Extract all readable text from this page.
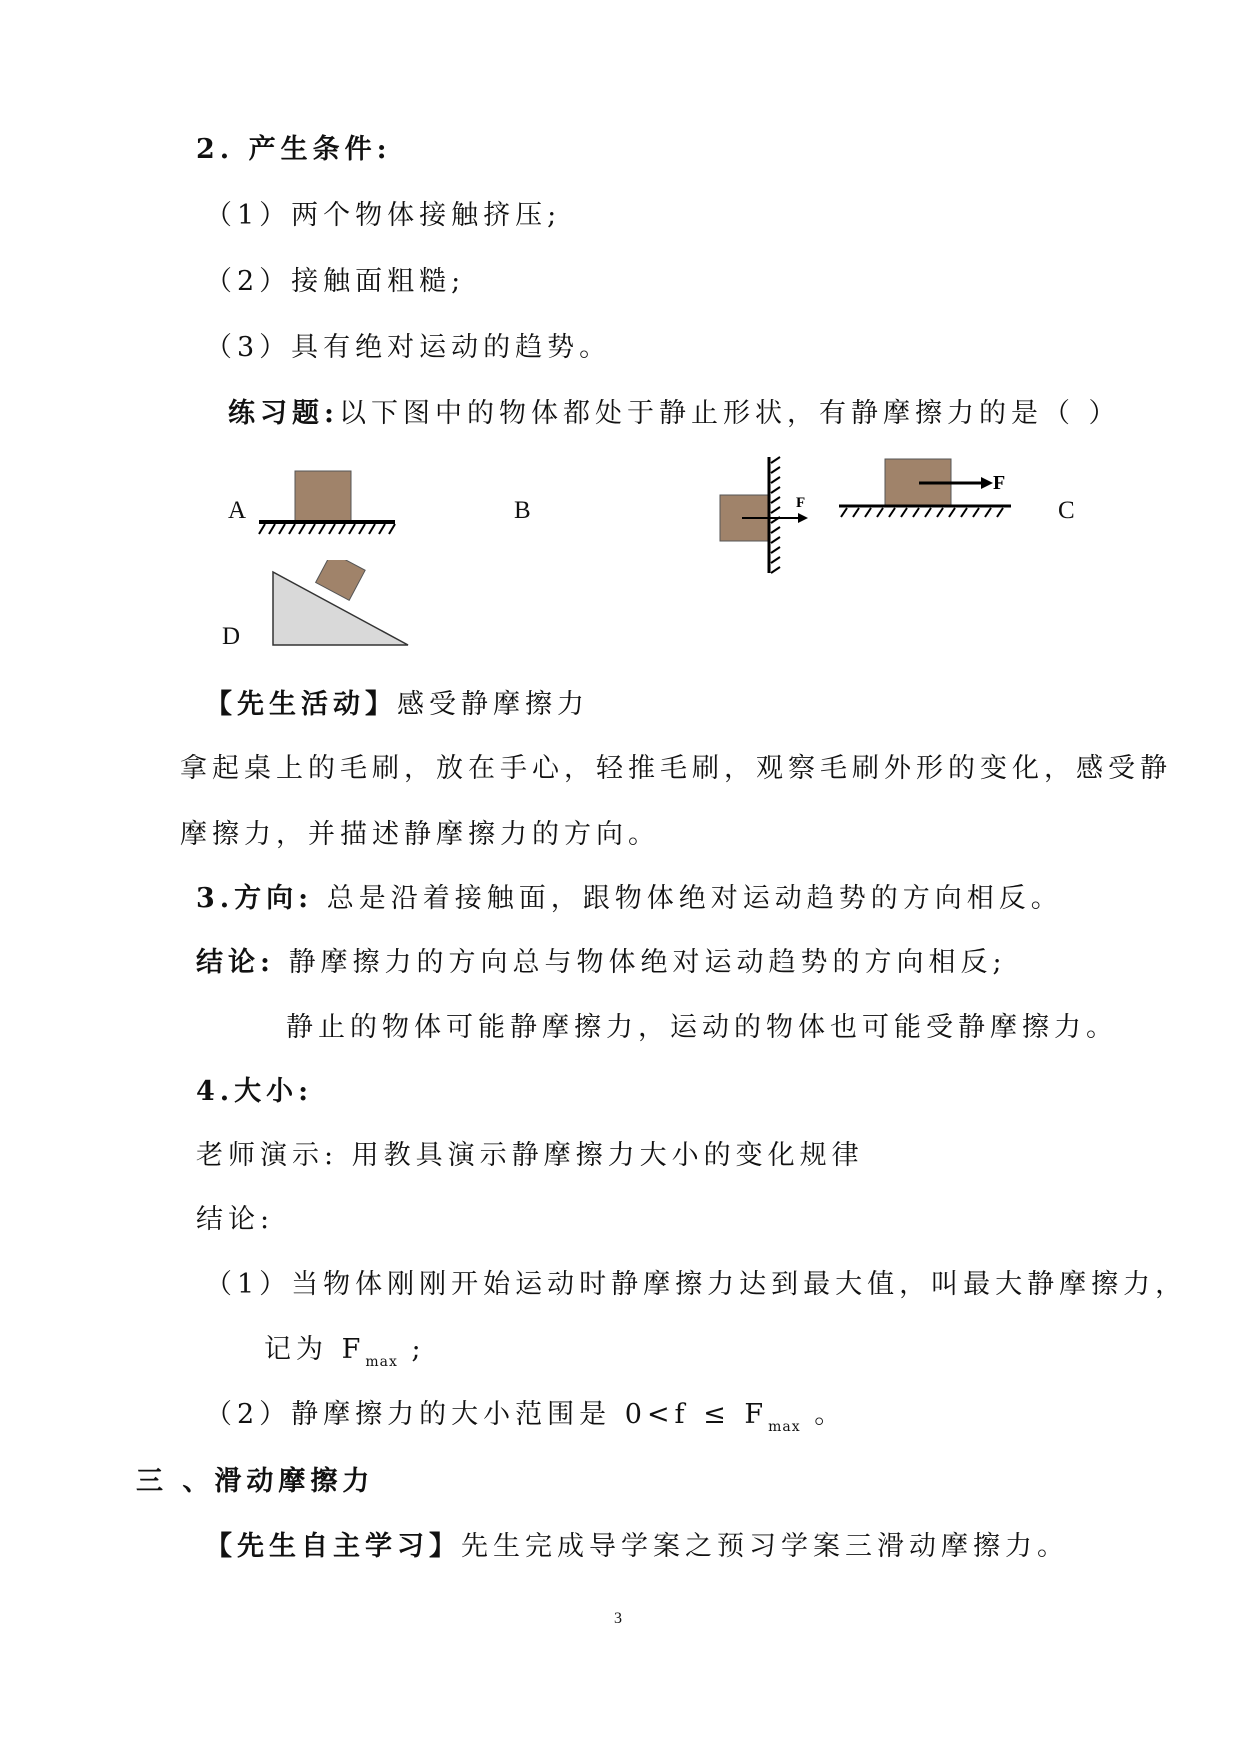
2. 产生条件:
（1）两个物体接触挤压;
（2）接触面粗糙;
（3）具有绝对运动的趋势。
练习题:以下图中的物体都处于静止形状，有静摩擦力的是（ ）
A	B	F
F
C
D
【先生活动】感受静摩擦力
拿起桌上的毛刷，放在手心，轻推毛刷，观察毛刷外形的变化，感受静
摩擦力，并描述静摩擦力的方向。
3.方向: 总是沿着接触面，跟物体绝对运动趋势的方向相反。
结论: 静摩擦力的方向总与物体绝对运动趋势的方向相反;
静止的物体可能静摩擦力，运动的物体也可能受静摩擦力。
4.大小:
老师演示: 用教具演示静摩擦力大小的变化规律
结论:
（1）当物体刚刚开始运动时静摩擦力达到最大值，叫最大静摩擦力，
记为 $F_{max}$ ;
（2）静摩擦力的大小范围是 $0<f \le F_{max}$ 。
三 、滑动摩擦力
【先生自主学习】先生完成导学案之预习学案三滑动摩擦力。
3
